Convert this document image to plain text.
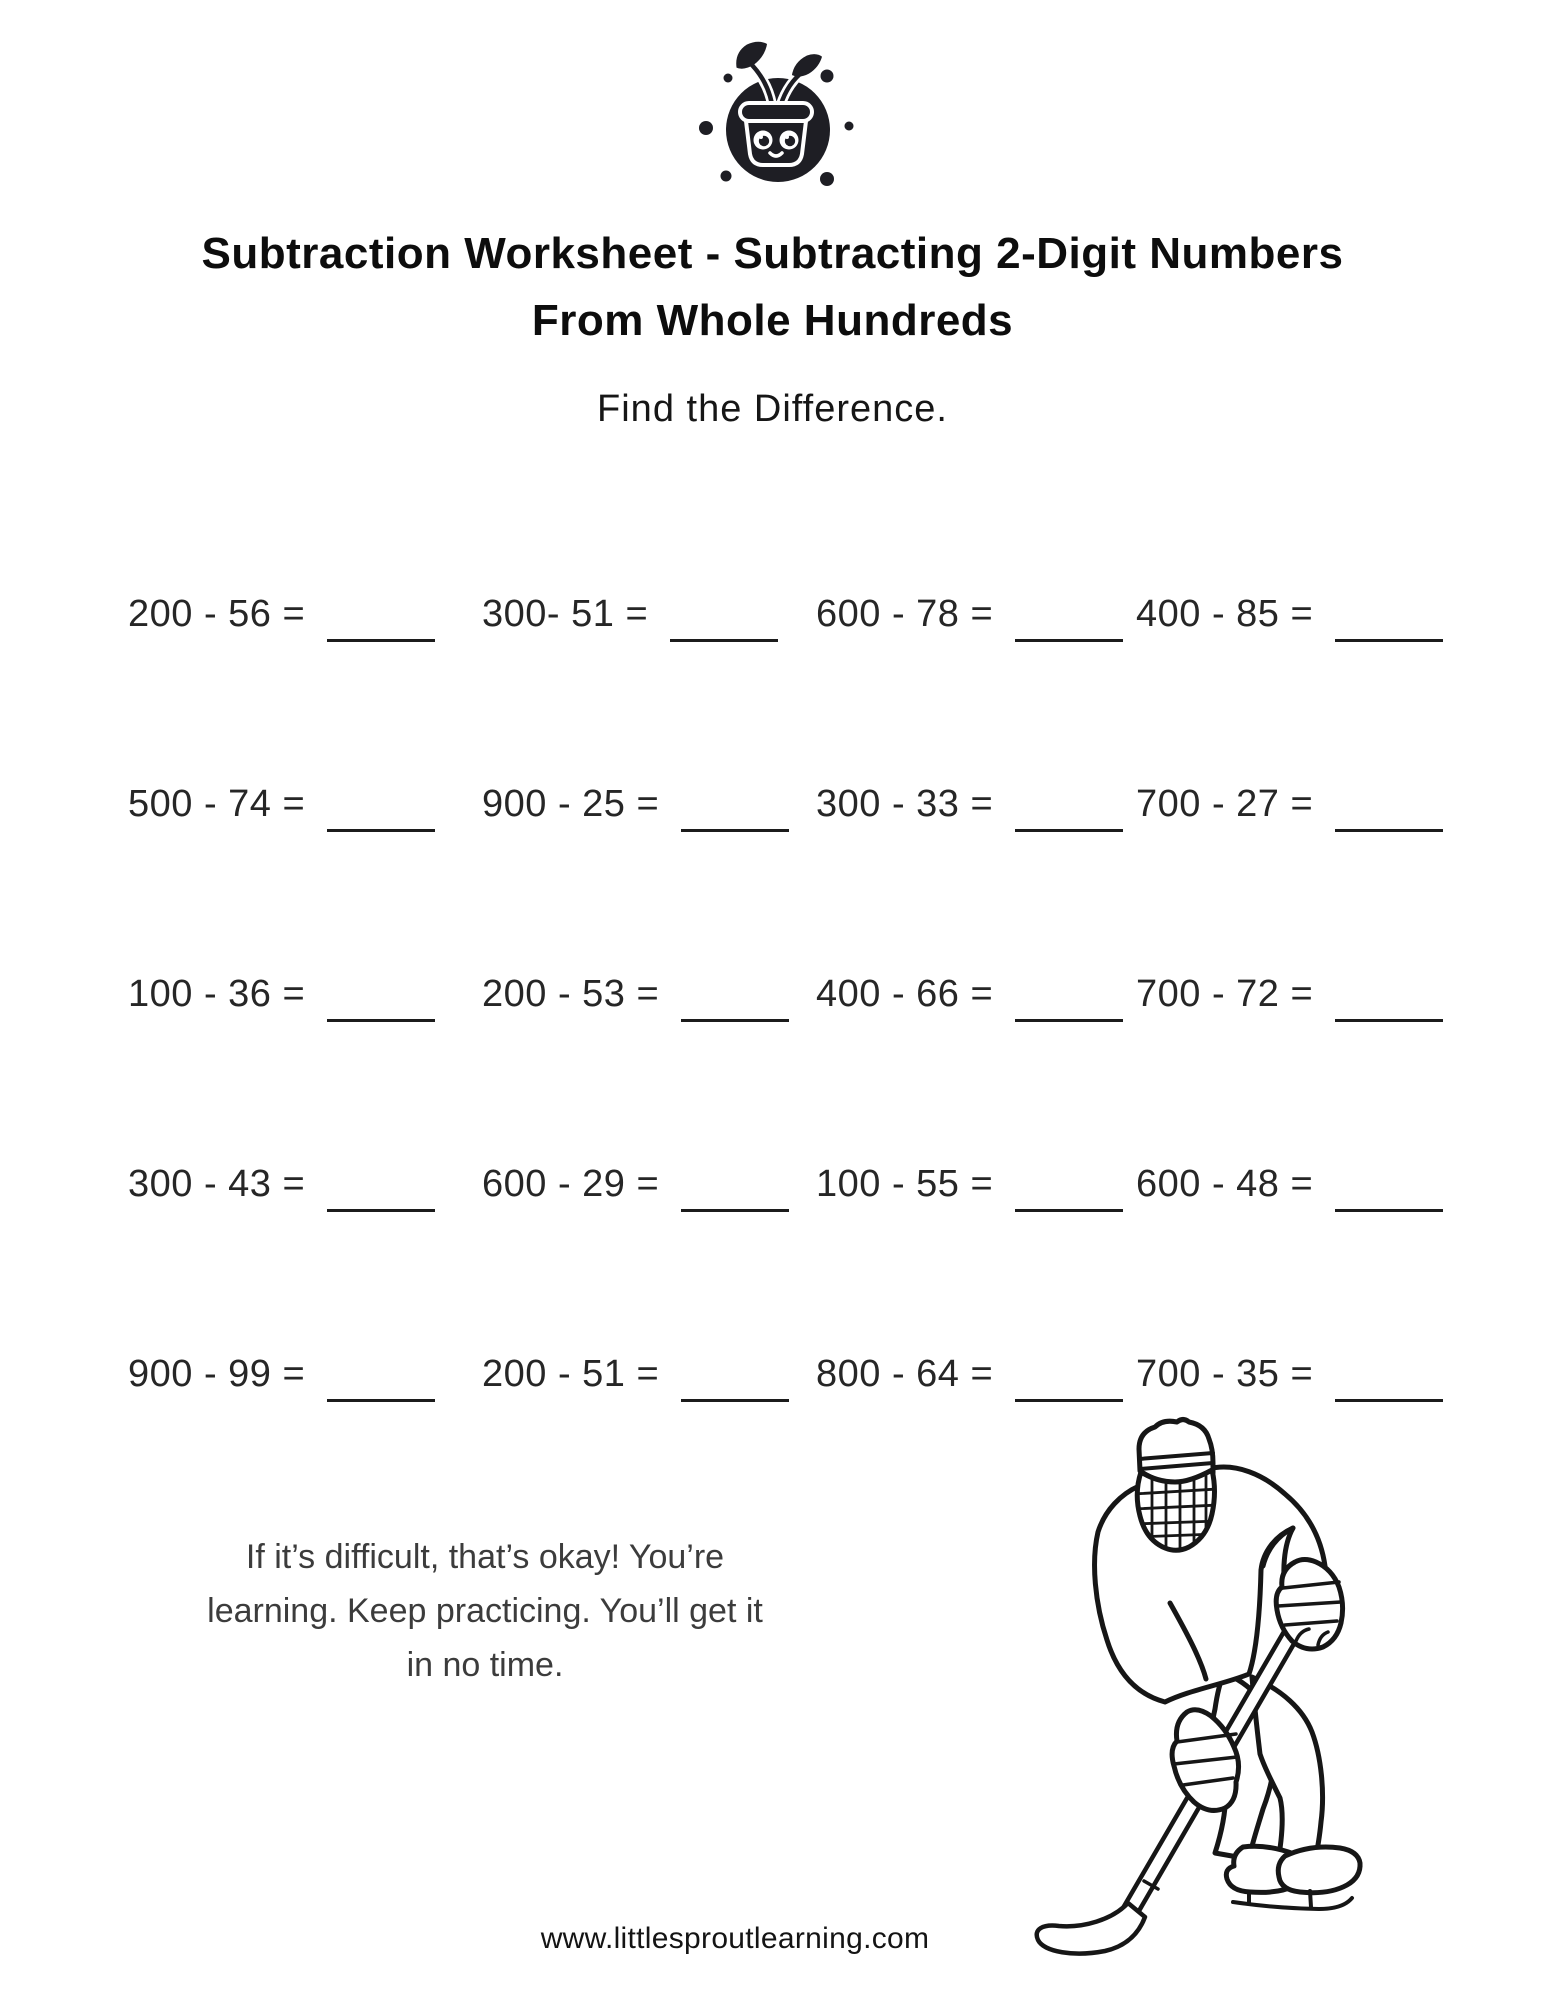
Subtraction Worksheet - Subtracting 2-Digit Numbers
From Whole Hundreds
Find the Difference.
200 - 56 =	300- 51 =	600 - 78 =	400 - 85 =
500 - 74 =	900 - 25 =	300 - 33 =	700 - 27 =
100 - 36 =	200 - 53 =	400 - 66 =	700 - 72 =
300 - 43 =	600 - 29 =	100 - 55 =	600 - 48 =
900 - 99 =	200 - 51 =	800 - 64 =	700 - 35 =
If it’s difficult, that’s okay! You’re
learning. Keep practicing. You’ll get it
in no time.
www.littlesproutlearning.com
